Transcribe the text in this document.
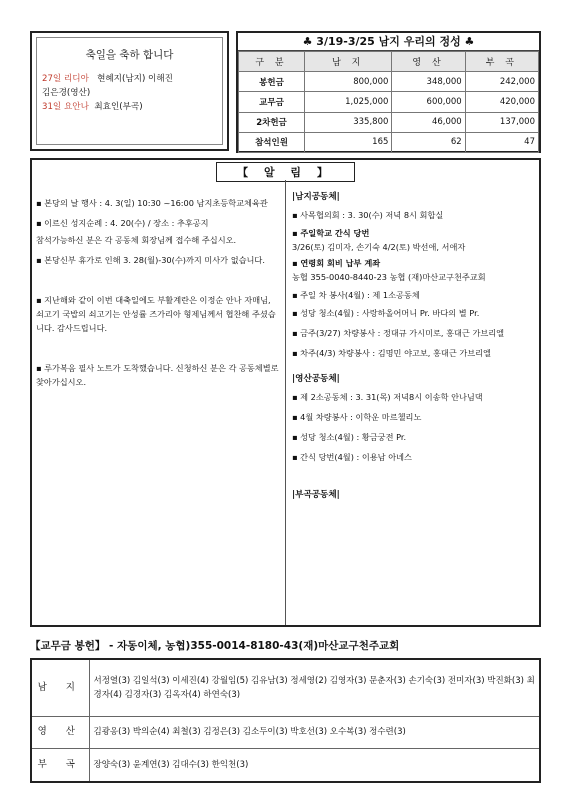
축일을 축하 합니다
27일 리디아 현혜지(남지) 이해진
김은경(영산)
31일 요안나 최효인(부곡)
♣ 3/19-3/25 남지 우리의 정성 ♣
구 분	남 지	영 산	부 곡
봉헌금	800,000	348,000	242,000
교무금	1,025,000	600,000	420,000
2차헌금	335,800	46,000	137,000
참석인원	165	62	47
【 알 림 】

▪ 본당의 날 행사 : 4. 3(일) 10:30 ~16:00 남지초등학교체육관

▪ 이르신 성지순례 : 4. 20(수) / 장소 : 추후공지

참석가능하신 분은 각 공동체 회장님께 접수해 주십시오.

▪ 본당신부 휴가로 인해 3. 28(월)-30(수)까지 미사가 없습니다.

▪ 지난해와 같이 이번 대축일에도 부활계란은 이정순 안나 자매님, 쇠고기 국밥의 쇠고기는 안성률 즈가리아 형제님께서 협찬해 주셨습니다. 감사드립니다.

▪ 루가복음 필사 노트가 도착했습니다. 신청하신 분은 각 공동체별로 찾아가십시오.

|남지공동체|

▪ 사목협의회 : 3. 30(수) 저녁 8시 회합실

▪ 주일학교 간식 당번

3/26(토) 김미자, 손기숙 4/2(토) 박선애, 서애자

▪ 연령회 회비 납부 계좌

농협 355-0040-8440-23 농협 (재)마산교구천주교회

▪ 주일 차 봉사(4월) : 제 1소공동체

▪ 성당 청소(4월) : 사랑하올어머니 Pr. 바다의 별 Pr.

▪ 금주(3/27) 차량봉사 : 정대규 가시미로, 홍대근 가브리엘

▪ 차주(4/3) 차량봉사 : 김명민 야고보, 홍대근 가브리엘

|영산공동체|

▪ 제 2소공동체 : 3. 31(목) 저녁8시 이송학 안나님댁

▪ 4월 차량봉사 : 이학운 마르첼리노

▪ 성당 청소(4월) : 황금궁전 Pr.

▪ 간식 당번(4월) : 이용남 아녜스

|부곡공동체|
【교무금 봉헌】 - 자동이체, 농협)355-0014-8180-43(재)마산교구천주교회
남 지	서정열(3) 김일석(3) 이세진(4) 강월임(5) 김유남(3) 정세영(2) 김영자(3) 문춘자(3) 손기숙(3) 전미자(3) 박진화(3) 최경자(4) 김경자(3) 김옥자(4) 하연숙(3)
영 산	김광옹(3) 박의순(4) 최철(3) 김정은(3) 김소두이(3) 박호선(3) 오수복(3) 정수련(3)
부 곡	장양숙(3) 윤계연(3) 김대수(3) 한익천(3)
